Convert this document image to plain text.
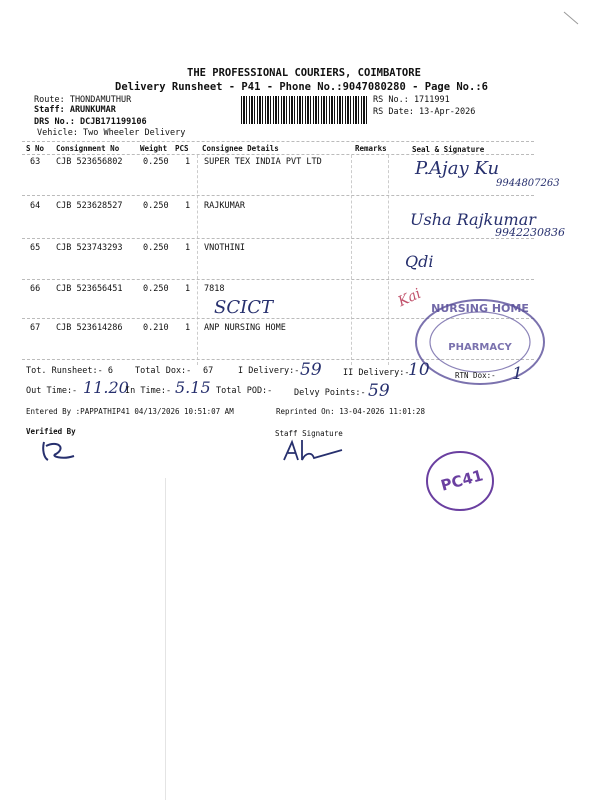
THE PROFESSIONAL COURIERS, COIMBATORE
Delivery Runsheet - P41 - Phone No.:9047080280 - Page No.:6
Route: THONDAMUTHUR
Staff: ARUNKUMAR
DRS No.: DCJB171199106
Vehicle: Two Wheeler Delivery
RS No.: 1711991
RS Date: 13-Apr-2026
S No Consignment No	Weight PCS Consignee Details	Remarks	Seal & Signature
63 CJB 523656802 0.250 1 SUPER TEX INDIA PVT LTD	P.Ajay Ku
9944807263
64 CJB 523628527 0.250 1 RAJKUMAR
Usha Rajkumar
9942230836
65 CJB 523743293 0.250 1 VNOTHINI
Qdi
66 CJB 523656451 0.250 1 7818
SCICT	Kai
67 CJB 523614286 0.210 1 ANP NURSING HOME
NURSING HOME
PHARMACY
Tot. Runsheet:- 6	Total Dox:- 67	I Delivery:- 59	II Delivery:-
10	RTN Dox:- 1
Out Time:- 11.20
In Time:- 5.15 Total POD:-	Delvy Points:- 59
Entered By :PAPPATHIP41 04/13/2026 10:51:07 AM	Reprinted On: 13-04-2026 11:01:28
Verified By	Staff Signature
PC41
